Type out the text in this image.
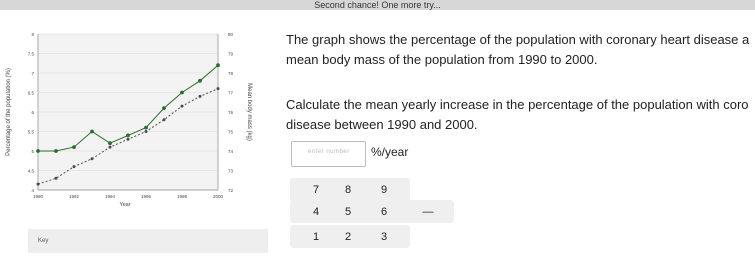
Second chance! One more try...
4
4.5
5
5.5
6
6.5
7
7.5
8
72
73
74
75
76
77
78
79
80
1990	1992	1994	1996	1998	2000
Year
Percentage of the population (%)	Mean body mass (kg)
Key
The graph shows the percentage of the population with coronary heart disease a
mean body mass of the population from 1990 to 2000.
Calculate the mean yearly increase in the percentage of the population with coro
disease between 1990 and 2000.
enter number %/year
7	8	9
4	5	6	—
1	2	3
